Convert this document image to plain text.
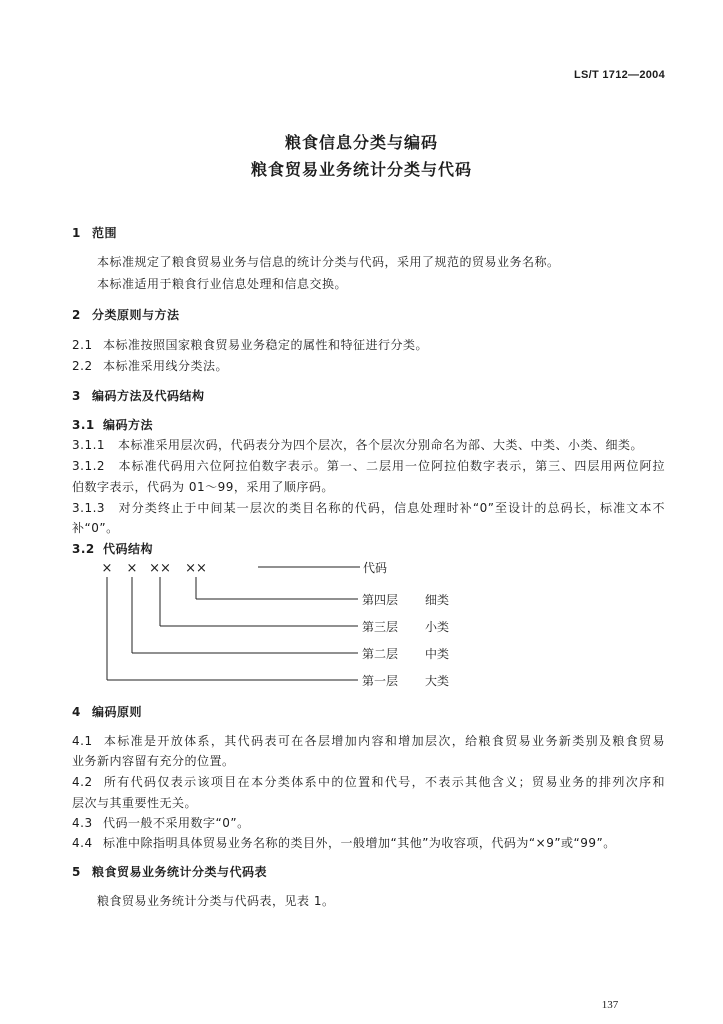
LS/T 1712—2004
粮食信息分类与编码
粮食贸易业务统计分类与代码
1 范围
本标准规定了粮食贸易业务与信息的统计分类与代码，采用了规范的贸易业务名称。
本标准适用于粮食行业信息处理和信息交换。
2 分类原则与方法
2.1 本标准按照国家粮食贸易业务稳定的属性和特征进行分类。
2.2 本标准采用线分类法。
3 编码方法及代码结构
3.1 编码方法
3.1.1 本标准采用层次码，代码表分为四个层次，各个层次分别命名为部、大类、中类、小类、细类。
3.1.2 本标准代码用六位阿拉伯数字表示。第一、二层用一位阿拉伯数字表示，第三、四层用两位阿拉
伯数字表示，代码为 01～99，采用了顺序码。
3.1.3 对分类终止于中间某一层次的类目名称的代码，信息处理时补“0”至设计的总码长，标准文本不
补“0”。
3.2 代码结构
× × ×× ××	代码
第四层 细类
第三层 小类
第二层 中类
第一层 大类
4 编码原则
4.1 本标准是开放体系，其代码表可在各层增加内容和增加层次，给粮食贸易业务新类别及粮食贸易
业务新内容留有充分的位置。
4.2 所有代码仅表示该项目在本分类体系中的位置和代号，不表示其他含义；贸易业务的排列次序和
层次与其重要性无关。
4.3 代码一般不采用数字“0”。
4.4 标准中除指明具体贸易业务名称的类目外，一般增加“其他”为收容项，代码为“×9”或“99”。
5 粮食贸易业务统计分类与代码表
粮食贸易业务统计分类与代码表，见表 1。
137
